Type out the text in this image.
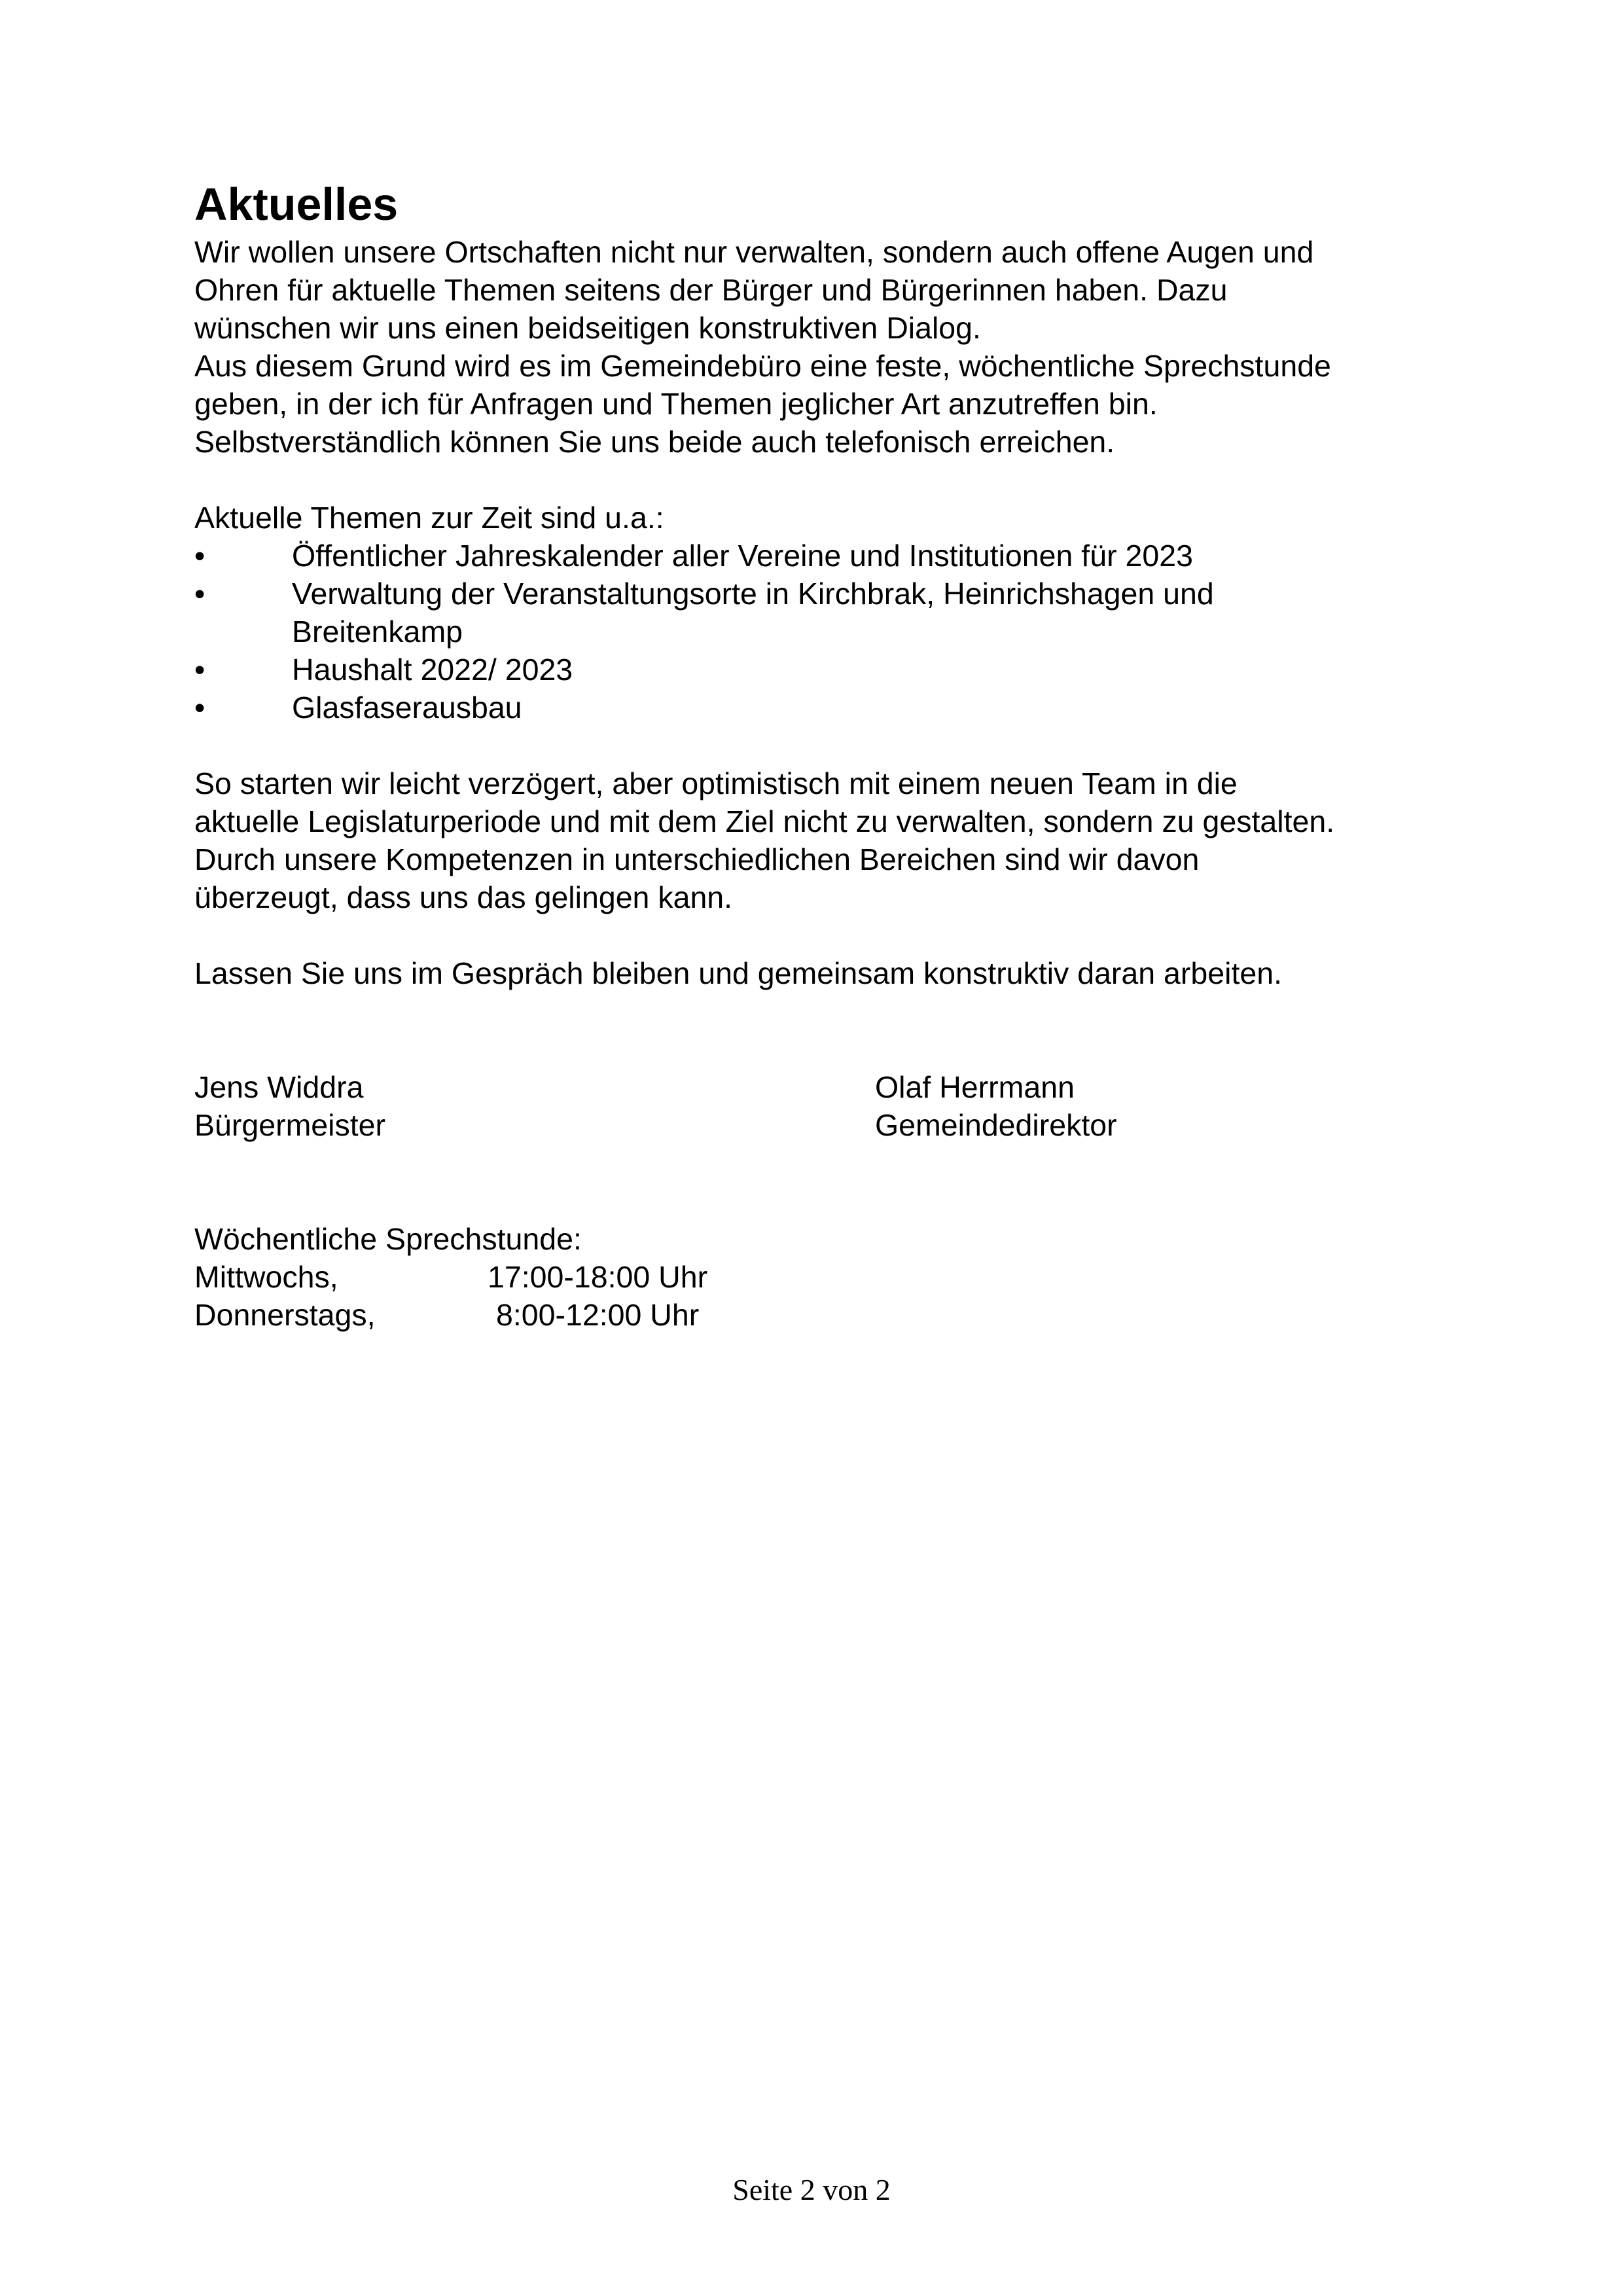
Aktuelles

Wir wollen unsere Ortschaften nicht nur verwalten, sondern auch offene Augen und

Ohren für aktuelle Themen seitens der Bürger und Bürgerinnen haben. Dazu

wünschen wir uns einen beidseitigen konstruktiven Dialog.

Aus diesem Grund wird es im Gemeindebüro eine feste, wöchentliche Sprechstunde

geben, in der ich für Anfragen und Themen jeglicher Art anzutreffen bin.

Selbstverständlich können Sie uns beide auch telefonisch erreichen.

Aktuelle Themen zur Zeit sind u.a.:
•	Öffentlicher Jahreskalender aller Vereine und Institutionen für 2023
•	Verwaltung der Veranstaltungsorte in Kirchbrak, Heinrichshagen und
Breitenkamp
•	Haushalt 2022/ 2023
•	Glasfaserausbau

So starten wir leicht verzögert, aber optimistisch mit einem neuen Team in die

aktuelle Legislaturperiode und mit dem Ziel nicht zu verwalten, sondern zu gestalten.

Durch unsere Kompetenzen in unterschiedlichen Bereichen sind wir davon

überzeugt, dass uns das gelingen kann.

Lassen Sie uns im Gespräch bleiben und gemeinsam konstruktiv daran arbeiten.
Jens Widdra
Bürgermeister
Olaf Herrmann
Gemeindedirektor
Wöchentliche Sprechstunde:
Mittwochs,	17:00-18:00 Uhr
Donnerstags,	8:00-12:00 Uhr
Seite 2 von 2
